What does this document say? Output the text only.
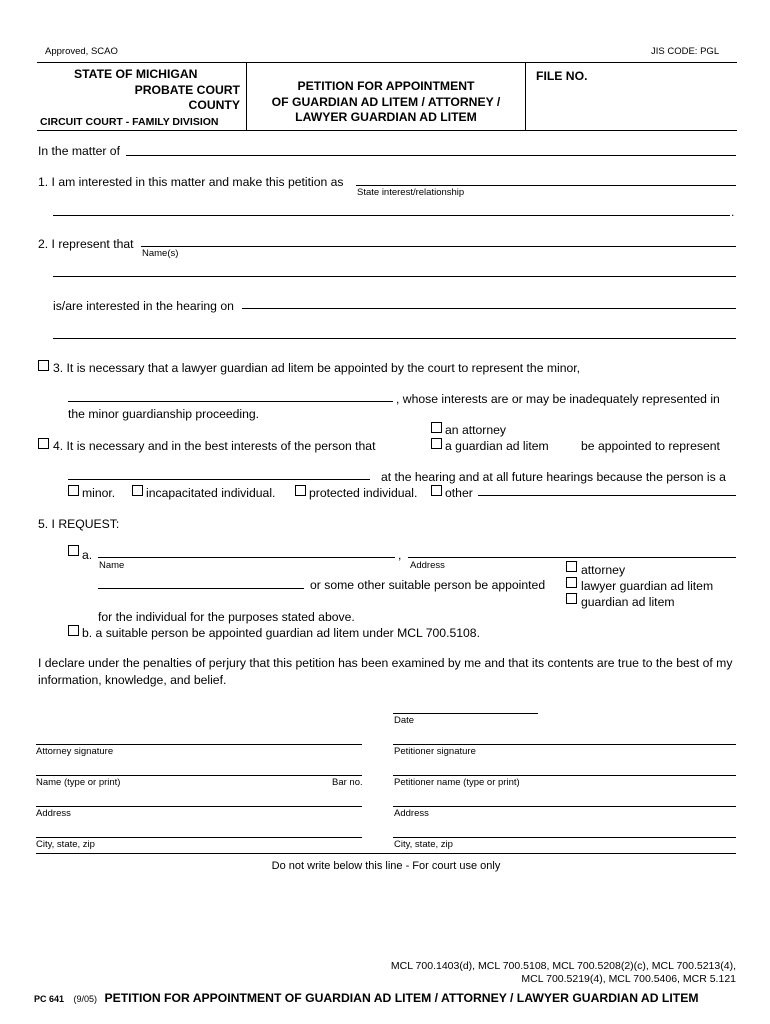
Approved, SCAO	JIS CODE: PGL
STATE OF MICHIGAN
PROBATE COURT
COUNTY
CIRCUIT COURT - FAMILY DIVISION
PETITION FOR APPOINTMENT
OF GUARDIAN AD LITEM / ATTORNEY /
LAWYER GUARDIAN AD LITEM
FILE NO.
In the matter of
1. I am interested in this matter and make this petition as
State interest/relationship
.
2. I represent that
Name(s)
is/are interested in the hearing on
3. It is necessary that a lawyer guardian ad litem be appointed by the court to represent the minor,
, whose interests are or may be inadequately represented in
the minor guardianship proceeding.
an attorney
4. It is necessary and in the best interests of the person that	a guardian ad litem	be appointed to represent
at the hearing and at all future hearings because the person is a
minor.	incapacitated individual.	protected individual. other
5. I REQUEST:
a.	,
Name	Address	attorney
or some other suitable person be appointed	lawyer guardian ad litem
guardian ad litem
for the individual for the purposes stated above.
b. a suitable person be appointed guardian ad litem under MCL 700.5108.
I declare under the penalties of perjury that this petition has been examined by me and that its contents are true to the best of my
information, knowledge, and belief.
Date
Attorney signature	Petitioner signature
Name (type or print)	Bar no.	Petitioner name (type or print)
Address	Address
City, state, zip	City, state, zip
Do not write below this line - For court use only
MCL 700.1403(d), MCL 700.5108, MCL 700.5208(2)(c), MCL 700.5213(4),
MCL 700.5219(4), MCL 700.5406, MCR 5.121
PC 641 (9/05) PETITION FOR APPOINTMENT OF GUARDIAN AD LITEM / ATTORNEY / LAWYER GUARDIAN AD LITEM
